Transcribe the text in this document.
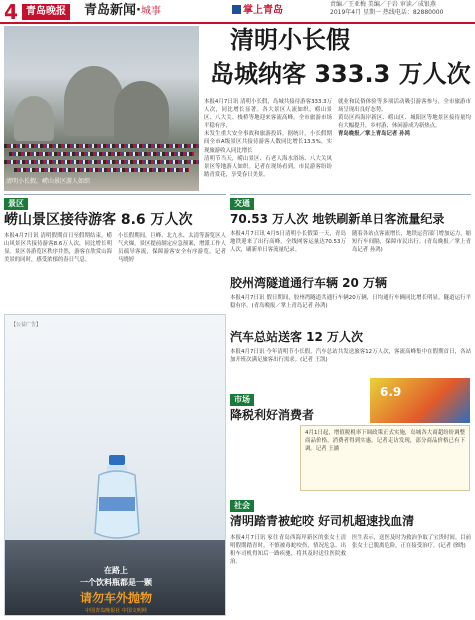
4 青岛晚报	青岛新闻·城事	掌上青岛
责编／王亚梅 美编／于岩 审读／成银燕
2019年4月 星期一 热线电话：82880000
清明小长假，崂山景区游人如织

本报4月7日讯 清明小长假，岛城共接待游客333.3万人次，同比增长显著。各大景区人流如织，崂山景区、八大关、栈桥等地迎来客流高峰。全市旅游市场平稳有序，

未发生重大安全事故和旅游投诉。据统计，小长假期间全市A级景区共接待游客人数同比增长13.5%，实现旅游收入同比增长

清明节当天，崂山景区、石老人海水浴场、八大关风景区等地游人如织。记者在现场看到，市民游客纷纷踏青赏花，享受春日美景。

就业和民俗体验等多项活动吸引游客参与，全市旅游市场呈现出良好态势。

黄岛区西海岸新区、崂山区、城阳区等地景区接待量均有大幅提升，乡村游、休闲游成为新热点。

青岛晚报／掌上青岛记者 孙鸿

清明小长假
岛城纳客 333.3 万人次
景区
崂山景区接待游客 8.6 万人次
本报4月7日讯 清明假期首日至假期结束，崂山风景区共接待游客8.6万人次，同比增长明显。景区各游览区秩序井然，游客在欣赏山海美景的同时，感受浓郁的春日气息。
小长假期间，巨峰、北九水、太清等游览区人气火爆。景区提前制定应急预案，增派工作人员疏导客流，保障游客安全有序游览。记者 马晓婷
【公益广告】
在路上
一个饮料瓶都是一颗
请勿车外抛物
中国青岛晚报社 中国文明网
交通
70.53 万人次 地铁刷新单日客流量纪录
本报4月7日讯 4月5日清明小长假第一天，青岛地铁迎来了出行高峰，全线网客运量达70.53万人次，刷新单日客流量纪录。
随着各站点客流增长，地铁运营部门增加运力，缩短行车间隔，保障市民出行。(青岛晚报／掌上青岛记者 孙鸿)
胶州湾隧道通行车辆 20 万辆
本报4月7日讯 假日期间，胶州湾隧道共通行车辆20万辆，日均通行车辆同比增长明显，隧道运行平稳有序。(青岛晚报／掌上青岛记者 孙鸿)
汽车总站送客 12 万人次
本报4月7日讯 今年清明节小长假，汽车总站共发送旅客12万人次，客流高峰集中在假期首日，各站加开班次满足旅客出行需求。(记者 王凯)
市场
降税利好消费者
6.9
4月1日起，增值税税率下调政策正式实施，岛城各大商超纷纷调整商品价格，消费者得到实惠。记者走访发现，部分商品价格已有下调。记者 王涵
社会
清明踏青被蛇咬 好司机超速找血清
本报4月7日讯 家住青岛西海岸新区的张女士清明假期踏青时，不慎被毒蛇咬伤，情况危急。出租车司机得知后一路疾驰，将其及时送往医院救治。
医生表示，送医及时为救治争取了宝贵时间。目前张女士已脱离危险，正在接受治疗。(记者 徐晓)
